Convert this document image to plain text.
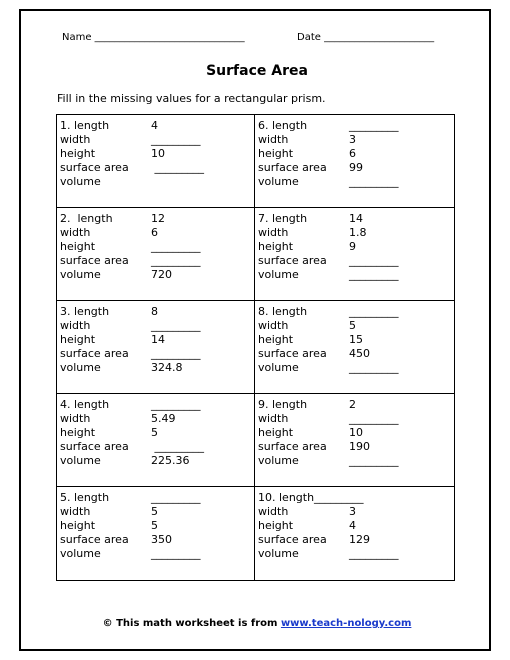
Name ______________________________	Date ______________________
Surface Area
Fill in the missing values for a rectangular prism.
1. length	4
width	_________
height	10
surface area _________
volume
6. length	_________
width	3
height	6
surface area 99
volume	_________
2.  length	12
width	6
height	_________
surface area _________
volume	720
7. length	14
width	1.8
height	9
surface area _________
volume	_________
3. length	8
width	_________
height	14
surface area _________
volume	324.8
8. length	_________
width	5
height	15
surface area 450
volume	_________
4. length	_________
width	5.49
height	5
surface area _________
volume	225.36
9. length	2
width	_________
height	10
surface area 190
volume	_________
5. length	_________
width	5
height	5
surface area 350
volume	_________
10. length_________
width	3
height	4
surface area 129
volume	_________
© This math worksheet is from www.teach-nology.com
